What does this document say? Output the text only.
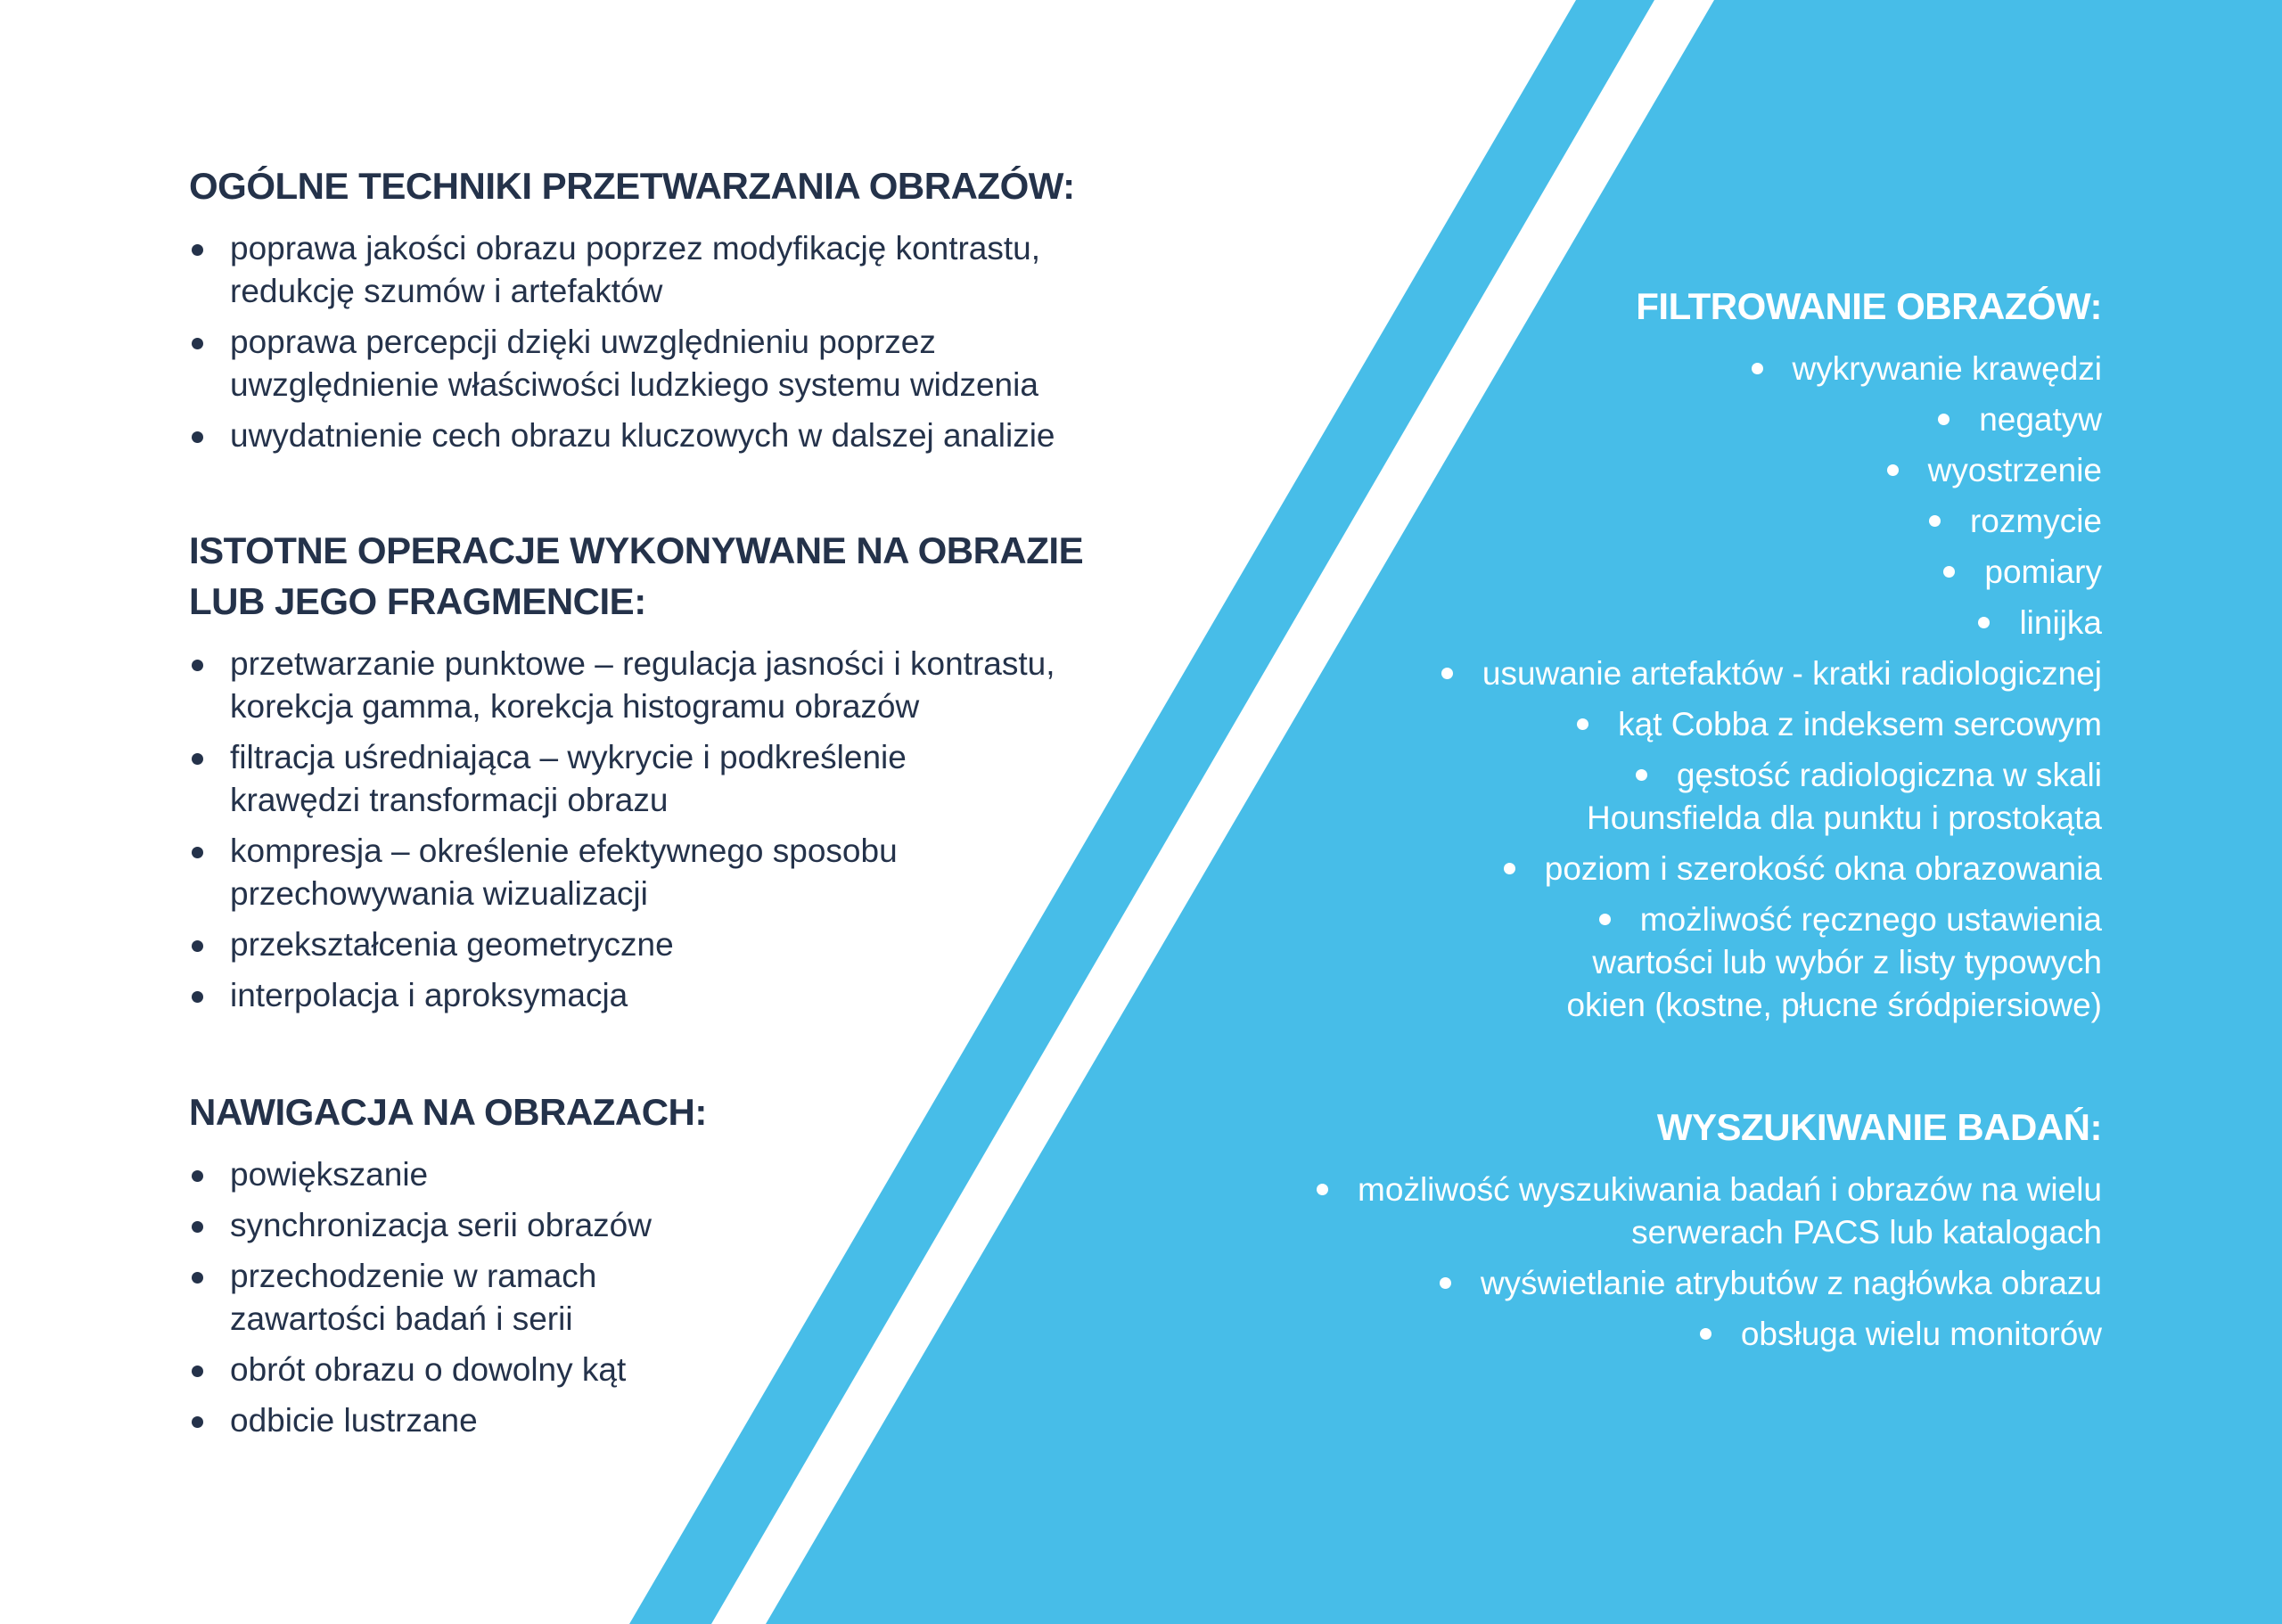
OGÓLNE TECHNIKI PRZETWARZANIA OBRAZÓW:
poprawa jakości obrazu poprzez modyfikację kontrastu, redukcję szumów i artefaktów
poprawa percepcji dzięki uwzględnieniu poprzez uwzględnienie właściwości ludzkiego systemu widzenia
uwydatnienie cech obrazu kluczowych w dalszej analizie
ISTOTNE OPERACJE WYKONYWANE NA OBRAZIE LUB JEGO FRAGMENCIE:
przetwarzanie punktowe – regulacja jasności i kontrastu, korekcja gamma, korekcja histogramu obrazów
filtracja uśredniająca – wykrycie i podkreślenie krawędzi transformacji obrazu
kompresja – określenie efektywnego sposobu przechowywania wizualizacji
przekształcenia geometryczne
interpolacja i aproksymacja
NAWIGACJA NA OBRAZACH:
powiększanie
synchronizacja serii obrazów
przechodzenie w ramach zawartości badań i serii
obrót obrazu o dowolny kąt
odbicie lustrzane
FILTROWANIE OBRAZÓW:
wykrywanie krawędzi
negatyw
wyostrzenie
rozmycie
pomiary
linijka
usuwanie artefaktów - kratki radiologicznej
kąt Cobba z indeksem sercowym
gęstość radiologiczna w skali Hounsfielda dla punktu i prostokąta
poziom i szerokość okna obrazowania
możliwość ręcznego ustawienia wartości lub wybór z listy typowych okien (kostne, płucne śródpiersiowe)
WYSZUKIWANIE BADAŃ:
możliwość wyszukiwania badań i obrazów na wielu serwerach PACS lub katalogach
wyświetlanie atrybutów z nagłówka obrazu
obsługa wielu monitorów
